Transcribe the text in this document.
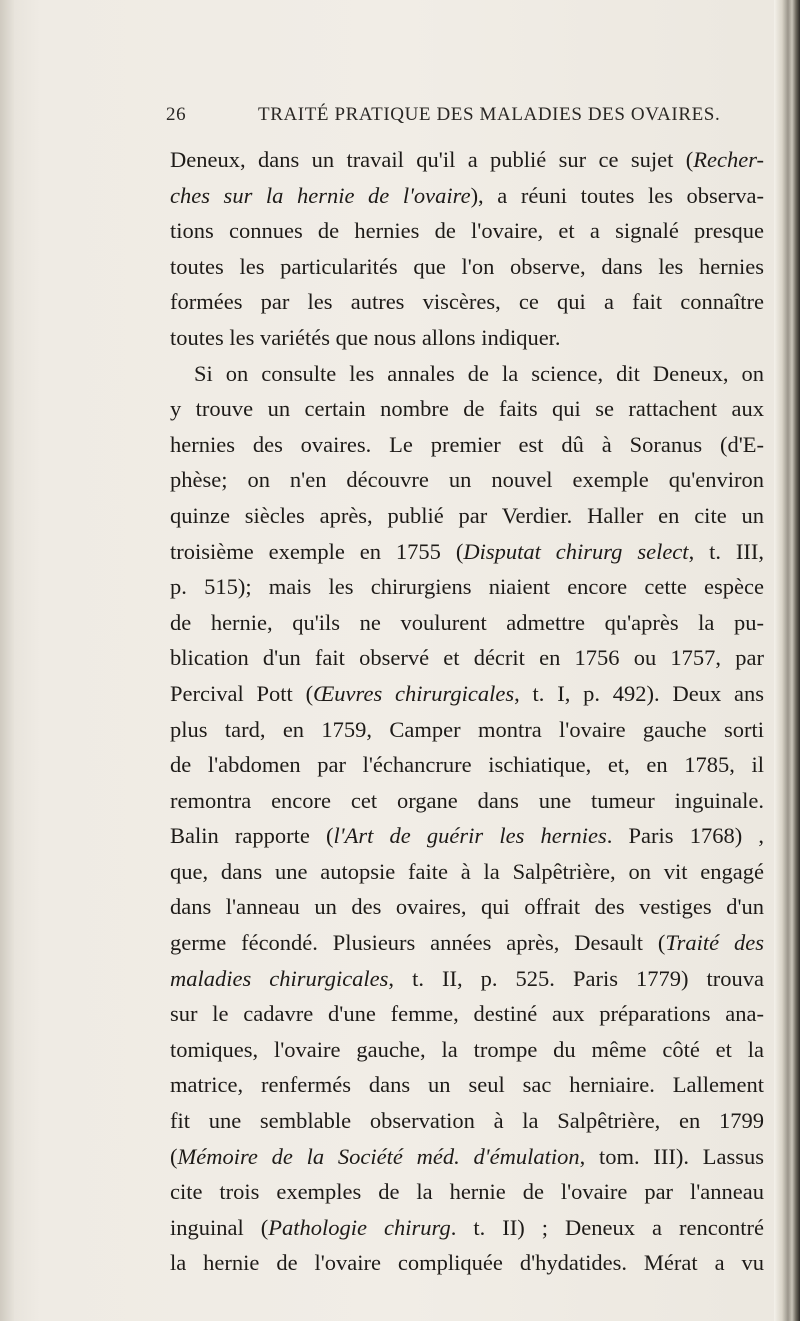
26	TRAITÉ PRATIQUE DES MALADIES DES OVAIRES.
Deneux, dans un travail qu'il a publié sur ce sujet (Recher-
ches sur la hernie de l'ovaire), a réuni toutes les observa-
tions connues de hernies de l'ovaire, et a signalé presque
toutes les particularités que l'on observe, dans les hernies
formées par les autres viscères, ce qui a fait connaître
toutes les variétés que nous allons indiquer.
Si on consulte les annales de la science, dit Deneux, on
y trouve un certain nombre de faits qui se rattachent aux
hernies des ovaires. Le premier est dû à Soranus (d'E-
phèse; on n'en découvre un nouvel exemple qu'environ
quinze siècles après, publié par Verdier. Haller en cite un
troisième exemple en 1755 (Disputat chirurg select, t. III,
p. 515); mais les chirurgiens niaient encore cette espèce
de hernie, qu'ils ne voulurent admettre qu'après la pu-
blication d'un fait observé et décrit en 1756 ou 1757, par
Percival Pott (Œuvres chirurgicales, t. I, p. 492). Deux ans
plus tard, en 1759, Camper montra l'ovaire gauche sorti
de l'abdomen par l'échancrure ischiatique, et, en 1785, il
remontra encore cet organe dans une tumeur inguinale.
Balin rapporte (l'Art de guérir les hernies. Paris 1768) ,
que, dans une autopsie faite à la Salpêtrière, on vit engagé
dans l'anneau un des ovaires, qui offrait des vestiges d'un
germe fécondé. Plusieurs années après, Desault (Traité des
maladies chirurgicales, t. II, p. 525. Paris 1779) trouva
sur le cadavre d'une femme, destiné aux préparations ana-
tomiques, l'ovaire gauche, la trompe du même côté et la
matrice, renfermés dans un seul sac herniaire. Lallement
fit une semblable observation à la Salpêtrière, en 1799
(Mémoire de la Société méd. d'émulation, tom. III). Lassus
cite trois exemples de la hernie de l'ovaire par l'anneau
inguinal (Pathologie chirurg. t. II) ; Deneux a rencontré
la hernie de l'ovaire compliquée d'hydatides. Mérat a vu
